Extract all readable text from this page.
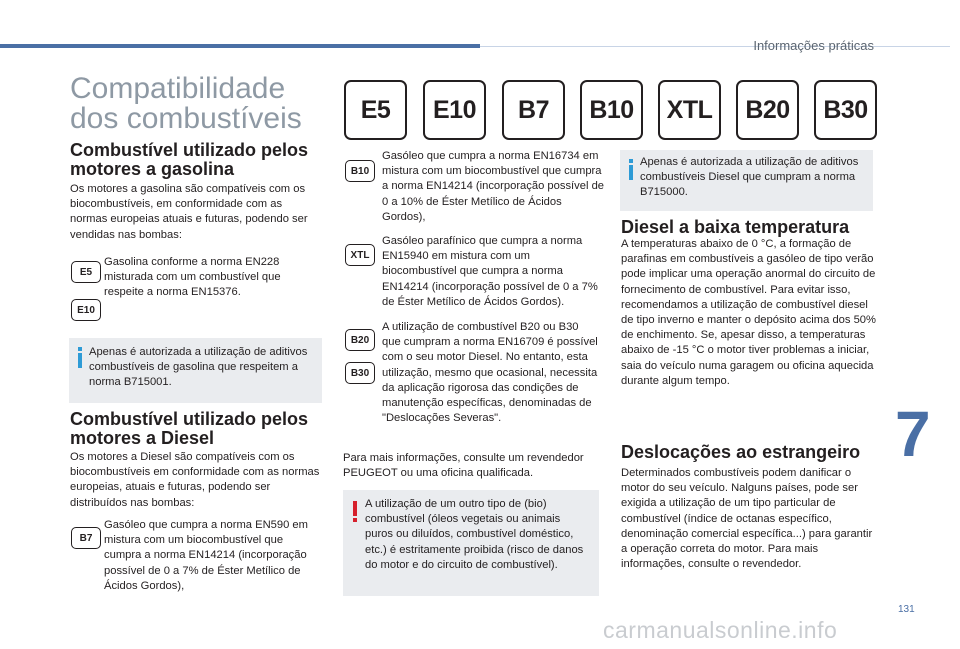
Informações práticas
Compatibilidade dos combustíveis
Combustível utilizado pelos motores a gasolina
Os motores a gasolina são compatíveis com os biocombustíveis, em conformidade com as normas europeias atuais e futuras, podendo ser vendidas nas bombas:
E5
E10
Gasolina conforme a norma EN228 misturada com um combustível que respeite a norma EN15376.
Apenas é autorizada a utilização de aditivos combustíveis de gasolina que respeitem a norma B715001.
Combustível utilizado pelos motores a Diesel
Os motores a Diesel são compatíveis com os biocombustíveis em conformidade com as normas europeias, atuais e futuras, podendo ser distribuídos nas bombas:
B7
Gasóleo que cumpra a norma EN590 em mistura com um biocombustível que cumpra a norma EN14214 (incorporação possível de 0 a 7% de Éster Metílico de Ácidos Gordos),
E5	E10	B7	B10	XTL	B20	B30
B10
Gasóleo que cumpra a norma EN16734 em mistura com um biocombustível que cumpra a norma EN14214 (incorporação possível de 0 a 10% de Éster Metílico de Ácidos Gordos),
XTL
Gasóleo parafínico que cumpra a norma EN15940 em mistura com um biocombustível que cumpra a norma EN14214 (incorporação possível de 0 a 7% de Éster Metílico de Ácidos Gordos).
B20
B30
A utilização de combustível B20 ou B30 que cumpram a norma EN16709 é possível com o seu motor Diesel. No entanto, esta utilização, mesmo que ocasional, necessita da aplicação rigorosa das condições de manutenção específicas, denominadas de "Deslocações Severas".
Para mais informações, consulte um revendedor PEUGEOT ou uma oficina qualificada.
A utilização de um outro tipo de (bio) combustível (óleos vegetais ou animais puros ou diluídos, combustível doméstico, etc.) é estritamente proibida (risco de danos do motor e do circuito de combustível).
Apenas é autorizada a utilização de aditivos combustíveis Diesel que cumpram a norma B715000.
Diesel a baixa temperatura
A temperaturas abaixo de 0 °C, a formação de parafinas em combustíveis a gasóleo de tipo verão pode implicar uma operação anormal do circuito de fornecimento de combustível. Para evitar isso, recomendamos a utilização de combustível diesel de tipo inverno e manter o depósito acima dos 50% de enchimento. Se, apesar disso, a temperaturas abaixo de -15 °C o motor tiver problemas a iniciar, saia do veículo numa garagem ou oficina aquecida durante algum tempo.
Deslocações ao estrangeiro
Determinados combustíveis podem danificar o motor do seu veículo. Nalguns países, pode ser exigida a utilização de um tipo particular de combustível (índice de octanas específico, denominação comercial específica...) para garantir a operação correta do motor. Para mais informações, consulte o revendedor.
7
131
carmanualsonline.info
